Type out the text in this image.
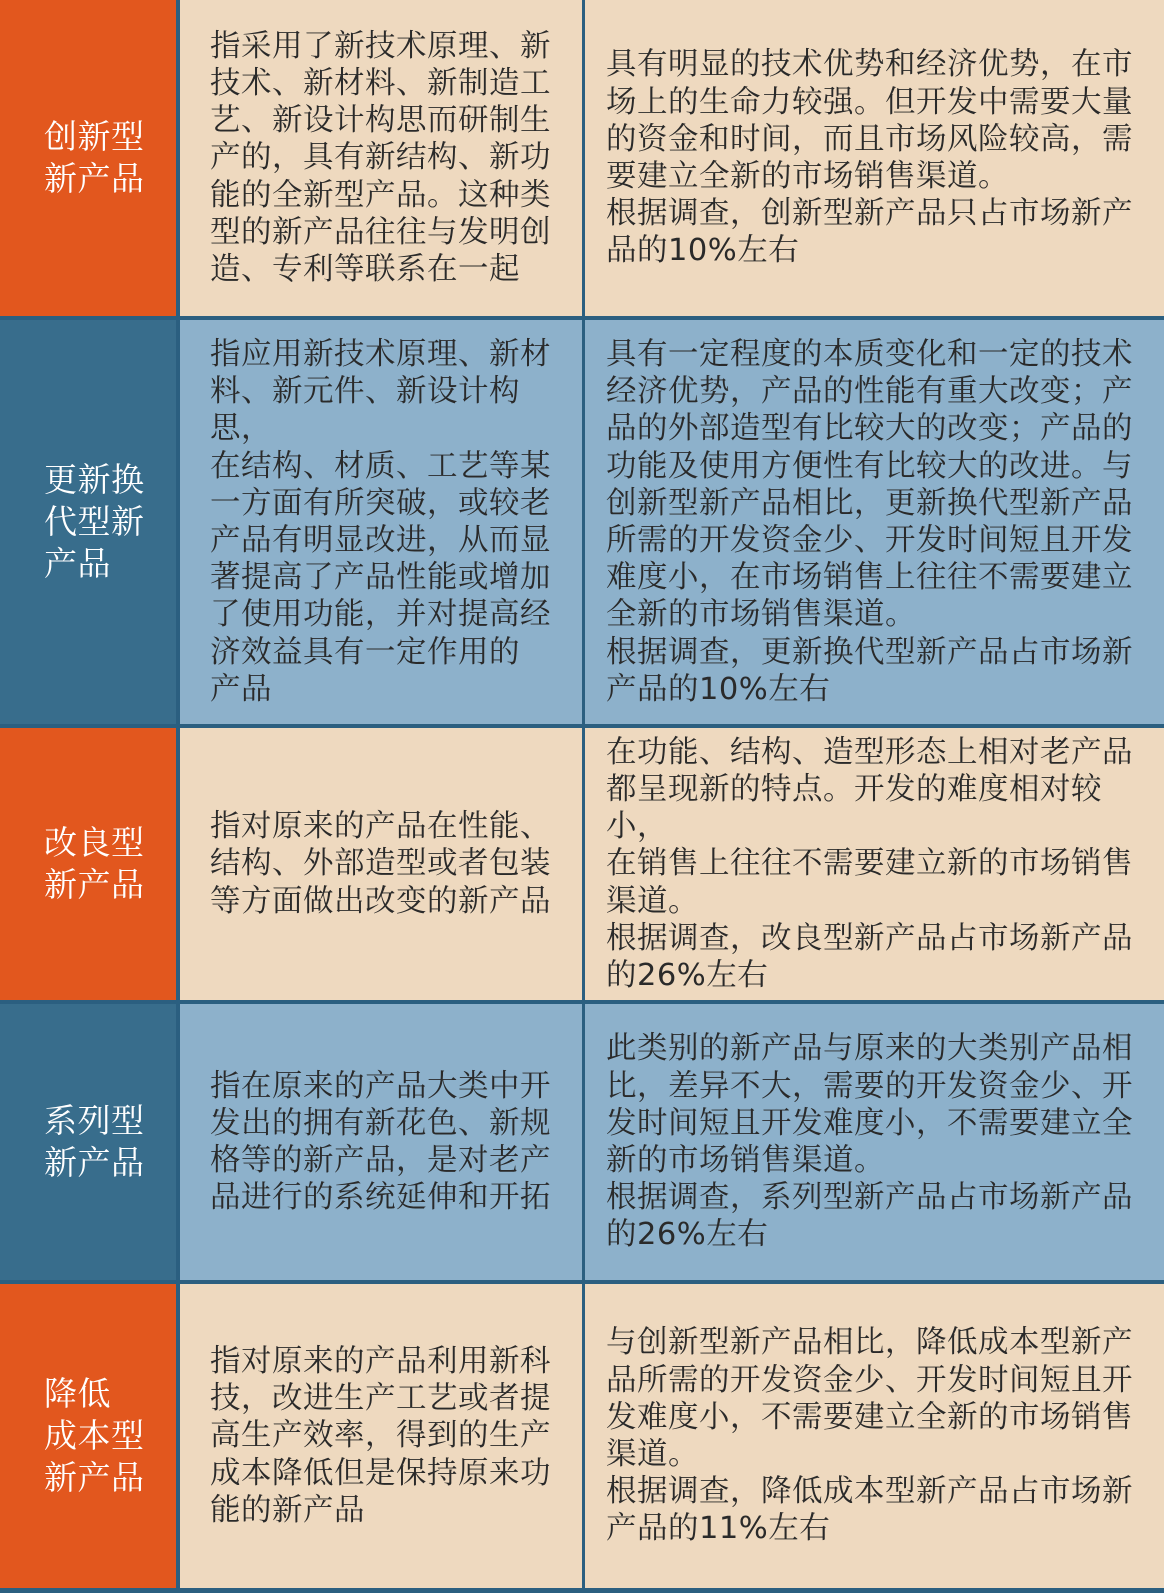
创新型
新产品
指采用了新技术原理、新
技术、新材料、新制造工
艺、新设计构思而研制生
产的，具有新结构、新功
能的全新型产品。这种类
型的新产品往往与发明创
造、专利等联系在一起
具有明显的技术优势和经济优势，在市
场上的生命力较强。但开发中需要大量
的资金和时间，而且市场风险较高，需
要建立全新的市场销售渠道。
根据调查，创新型新产品只占市场新产
品的10%左右
更新换
代型新
产品
指应用新技术原理、新材
料、新元件、新设计构思，
在结构、材质、工艺等某
一方面有所突破，或较老
产品有明显改进，从而显
著提高了产品性能或增加
了使用功能，并对提高经
济效益具有一定作用的
产品
具有一定程度的本质变化和一定的技术
经济优势，产品的性能有重大改变；产
品的外部造型有比较大的改变；产品的
功能及使用方便性有比较大的改进。与
创新型新产品相比，更新换代型新产品
所需的开发资金少、开发时间短且开发
难度小，在市场销售上往往不需要建立
全新的市场销售渠道。
根据调查，更新换代型新产品占市场新
产品的10%左右
改良型
新产品
指对原来的产品在性能、
结构、外部造型或者包装
等方面做出改变的新产品
在功能、结构、造型形态上相对老产品
都呈现新的特点。开发的难度相对较小，
在销售上往往不需要建立新的市场销售
渠道。
根据调查，改良型新产品占市场新产品
的26%左右
系列型
新产品
指在原来的产品大类中开
发出的拥有新花色、新规
格等的新产品，是对老产
品进行的系统延伸和开拓
此类别的新产品与原来的大类别产品相
比，差异不大，需要的开发资金少、开
发时间短且开发难度小，不需要建立全
新的市场销售渠道。
根据调查，系列型新产品占市场新产品
的26%左右
降低
成本型
新产品
指对原来的产品利用新科
技，改进生产工艺或者提
高生产效率，得到的生产
成本降低但是保持原来功
能的新产品
与创新型新产品相比，降低成本型新产
品所需的开发资金少、开发时间短且开
发难度小，不需要建立全新的市场销售
渠道。
根据调查，降低成本型新产品占市场新
产品的11%左右
